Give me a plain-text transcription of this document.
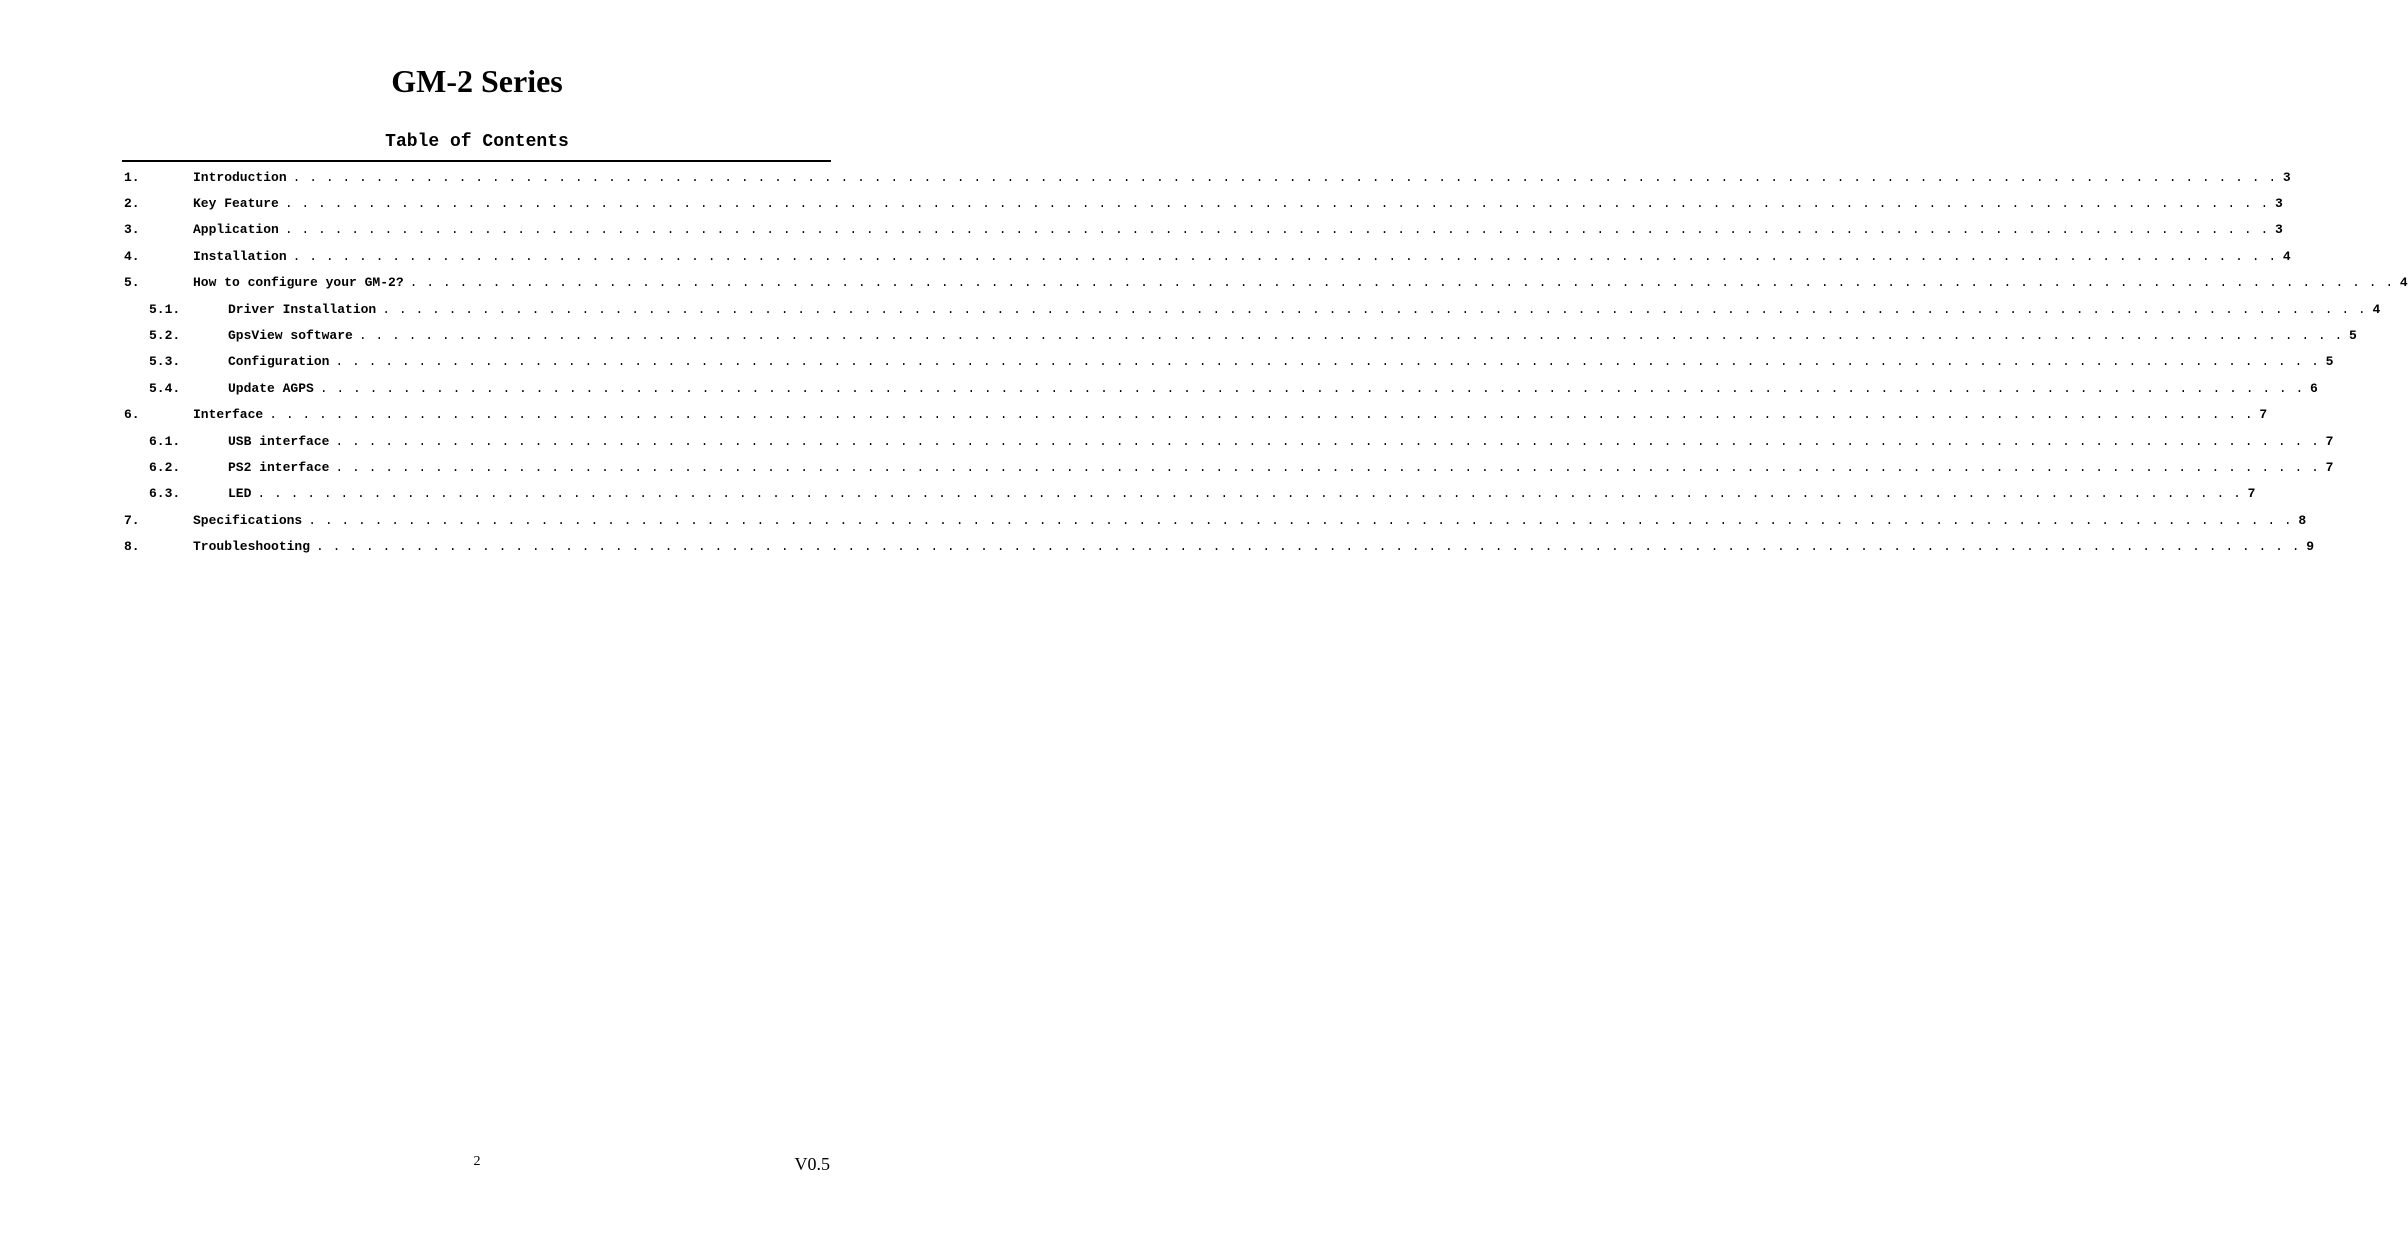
GM-2 Series
Table of Contents
1.	Introduction . . . . . . . . . . . . . . . . . . . . . . . . . . . . . . . . . . . . . . . . . . . . . . . . . . . . . . . . . . . . . . . . . . . . . . . . . . . . . . . . . . . . . . . . . . . . . . . . . . . . . . . . . . . . . . . . . . . . . . . . 3
2.	Key Feature . . . . . . . . . . . . . . . . . . . . . . . . . . . . . . . . . . . . . . . . . . . . . . . . . . . . . . . . . . . . . . . . . . . . . . . . . . . . . . . . . . . . . . . . . . . . . . . . . . . . . . . . . . . . . . . . . . . . . . . . 3
3.	Application . . . . . . . . . . . . . . . . . . . . . . . . . . . . . . . . . . . . . . . . . . . . . . . . . . . . . . . . . . . . . . . . . . . . . . . . . . . . . . . . . . . . . . . . . . . . . . . . . . . . . . . . . . . . . . . . . . . . . . . . 3
4.	Installation . . . . . . . . . . . . . . . . . . . . . . . . . . . . . . . . . . . . . . . . . . . . . . . . . . . . . . . . . . . . . . . . . . . . . . . . . . . . . . . . . . . . . . . . . . . . . . . . . . . . . . . . . . . . . . . . . . . . . . . . 4
5.	How to configure your GM-2? . . . . . . . . . . . . . . . . . . . . . . . . . . . . . . . . . . . . . . . . . . . . . . . . . . . . . . . . . . . . . . . . . . . . . . . . . . . . . . . . . . . . . . . . . . . . . . . . . . . . . . . . . . . . . . . . . . . . . . . . 4
5.1.	Driver Installation . . . . . . . . . . . . . . . . . . . . . . . . . . . . . . . . . . . . . . . . . . . . . . . . . . . . . . . . . . . . . . . . . . . . . . . . . . . . . . . . . . . . . . . . . . . . . . . . . . . . . . . . . . . . . . . . . . . . . . . . 4
5.2.	GpsView software . . . . . . . . . . . . . . . . . . . . . . . . . . . . . . . . . . . . . . . . . . . . . . . . . . . . . . . . . . . . . . . . . . . . . . . . . . . . . . . . . . . . . . . . . . . . . . . . . . . . . . . . . . . . . . . . . . . . . . . . 5
5.3.	Configuration . . . . . . . . . . . . . . . . . . . . . . . . . . . . . . . . . . . . . . . . . . . . . . . . . . . . . . . . . . . . . . . . . . . . . . . . . . . . . . . . . . . . . . . . . . . . . . . . . . . . . . . . . . . . . . . . . . . . . . . . 5
5.4.	Update AGPS . . . . . . . . . . . . . . . . . . . . . . . . . . . . . . . . . . . . . . . . . . . . . . . . . . . . . . . . . . . . . . . . . . . . . . . . . . . . . . . . . . . . . . . . . . . . . . . . . . . . . . . . . . . . . . . . . . . . . . . . 6
6.	Interface . . . . . . . . . . . . . . . . . . . . . . . . . . . . . . . . . . . . . . . . . . . . . . . . . . . . . . . . . . . . . . . . . . . . . . . . . . . . . . . . . . . . . . . . . . . . . . . . . . . . . . . . . . . . . . . . . . . . . . . . 7
6.1.	USB interface . . . . . . . . . . . . . . . . . . . . . . . . . . . . . . . . . . . . . . . . . . . . . . . . . . . . . . . . . . . . . . . . . . . . . . . . . . . . . . . . . . . . . . . . . . . . . . . . . . . . . . . . . . . . . . . . . . . . . . . . 7
6.2.	PS2 interface . . . . . . . . . . . . . . . . . . . . . . . . . . . . . . . . . . . . . . . . . . . . . . . . . . . . . . . . . . . . . . . . . . . . . . . . . . . . . . . . . . . . . . . . . . . . . . . . . . . . . . . . . . . . . . . . . . . . . . . . 7
6.3.	LED . . . . . . . . . . . . . . . . . . . . . . . . . . . . . . . . . . . . . . . . . . . . . . . . . . . . . . . . . . . . . . . . . . . . . . . . . . . . . . . . . . . . . . . . . . . . . . . . . . . . . . . . . . . . . . . . . . . . . . . . 7
7.	Specifications . . . . . . . . . . . . . . . . . . . . . . . . . . . . . . . . . . . . . . . . . . . . . . . . . . . . . . . . . . . . . . . . . . . . . . . . . . . . . . . . . . . . . . . . . . . . . . . . . . . . . . . . . . . . . . . . . . . . . . . . 8
8.	Troubleshooting . . . . . . . . . . . . . . . . . . . . . . . . . . . . . . . . . . . . . . . . . . . . . . . . . . . . . . . . . . . . . . . . . . . . . . . . . . . . . . . . . . . . . . . . . . . . . . . . . . . . . . . . . . . . . . . . . . . . . . . . 9
2	V0.5
